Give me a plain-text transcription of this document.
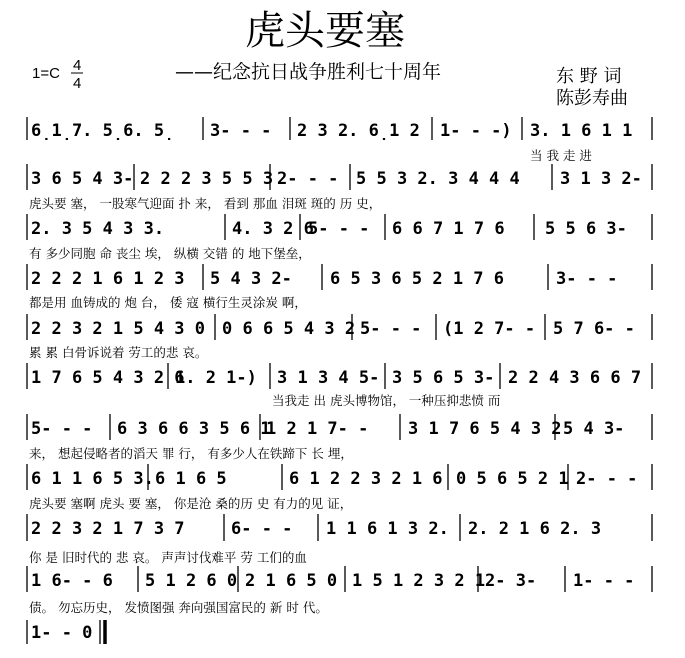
虎头要塞
1=C 4
4
——纪念抗日战争胜利七十周年	东 野 词
陈彭寿曲
6̣1̣7. 5̣6. 5̣ 3- - - 2 3 2. 6̣1 2 1- - -) 3. 1 6 1 1
当 我 走 进
3 6 5 4 3- 2 2 2 3 5 5 3 2- - - 5 5 3 2. 3 4 4 4 3 1 3 2-
虎头要 塞， 一股寒气迎面 扑 来， 看到 那血 泪斑 斑的 历 史，
2. 3 5 4 3 3.	4. 3 2 6
5- - - 6 6 7 1 7 6 5 5 6 3-
有 多少同胞 命 丧尘 埃， 纵横 交错 的 地下堡垒，
2 2 2 1 6 1 2 3 5 4 3 2- 6 5 3 6 5 2 1 7 6	3- - -
都是用 血铸成的 炮 台， 倭 寇 横行生灵涂炭 啊，
2 2 3 2 1 5 4 3 0 0 6 6 5 4 3 2 5- - - (1 2 7- - 5 7 6- -
累 累 白骨诉说着 劳工的悲 哀。
1 7 6 5 4 3 2 6
1. 2 1-) 3 1 3 4 5- 3 5 6 5 3- 2 2 4 3 6 6 7
当我走 出 虎头博物馆， 一种压抑悲愤 而
5- - - 6 3 6 6 3 5 6 1
1 2 1 7- - 3 1 7 6 5 4 3 2 5 4 3-
来， 想起侵略者的滔天 罪 行， 有多少人在铁蹄下 长 埋，
6 1 1 6 5 3. 6 1 6 5	6 1 2 2 3 2 1 6 0 5 6 5 2 1 2- - -
虎头要 塞啊 虎头 要 塞， 你是沧 桑的历 史 有力的见 证，
2 2 3 2 1 7 3 7	6- - - 1 1 6 1 3 2. 2. 2 1 6 2. 3
你 是 旧时代的 悲 哀。 声声讨伐难平 劳 工们的血
1 6- - 6 5 1 2 6 0 2 1 6 5 0 1 5 1 2 3 2 1 2- 3- 1- - -
债。 勿忘历史， 发愤图强 奔向强国富民的 新 时 代。
1- - 0
